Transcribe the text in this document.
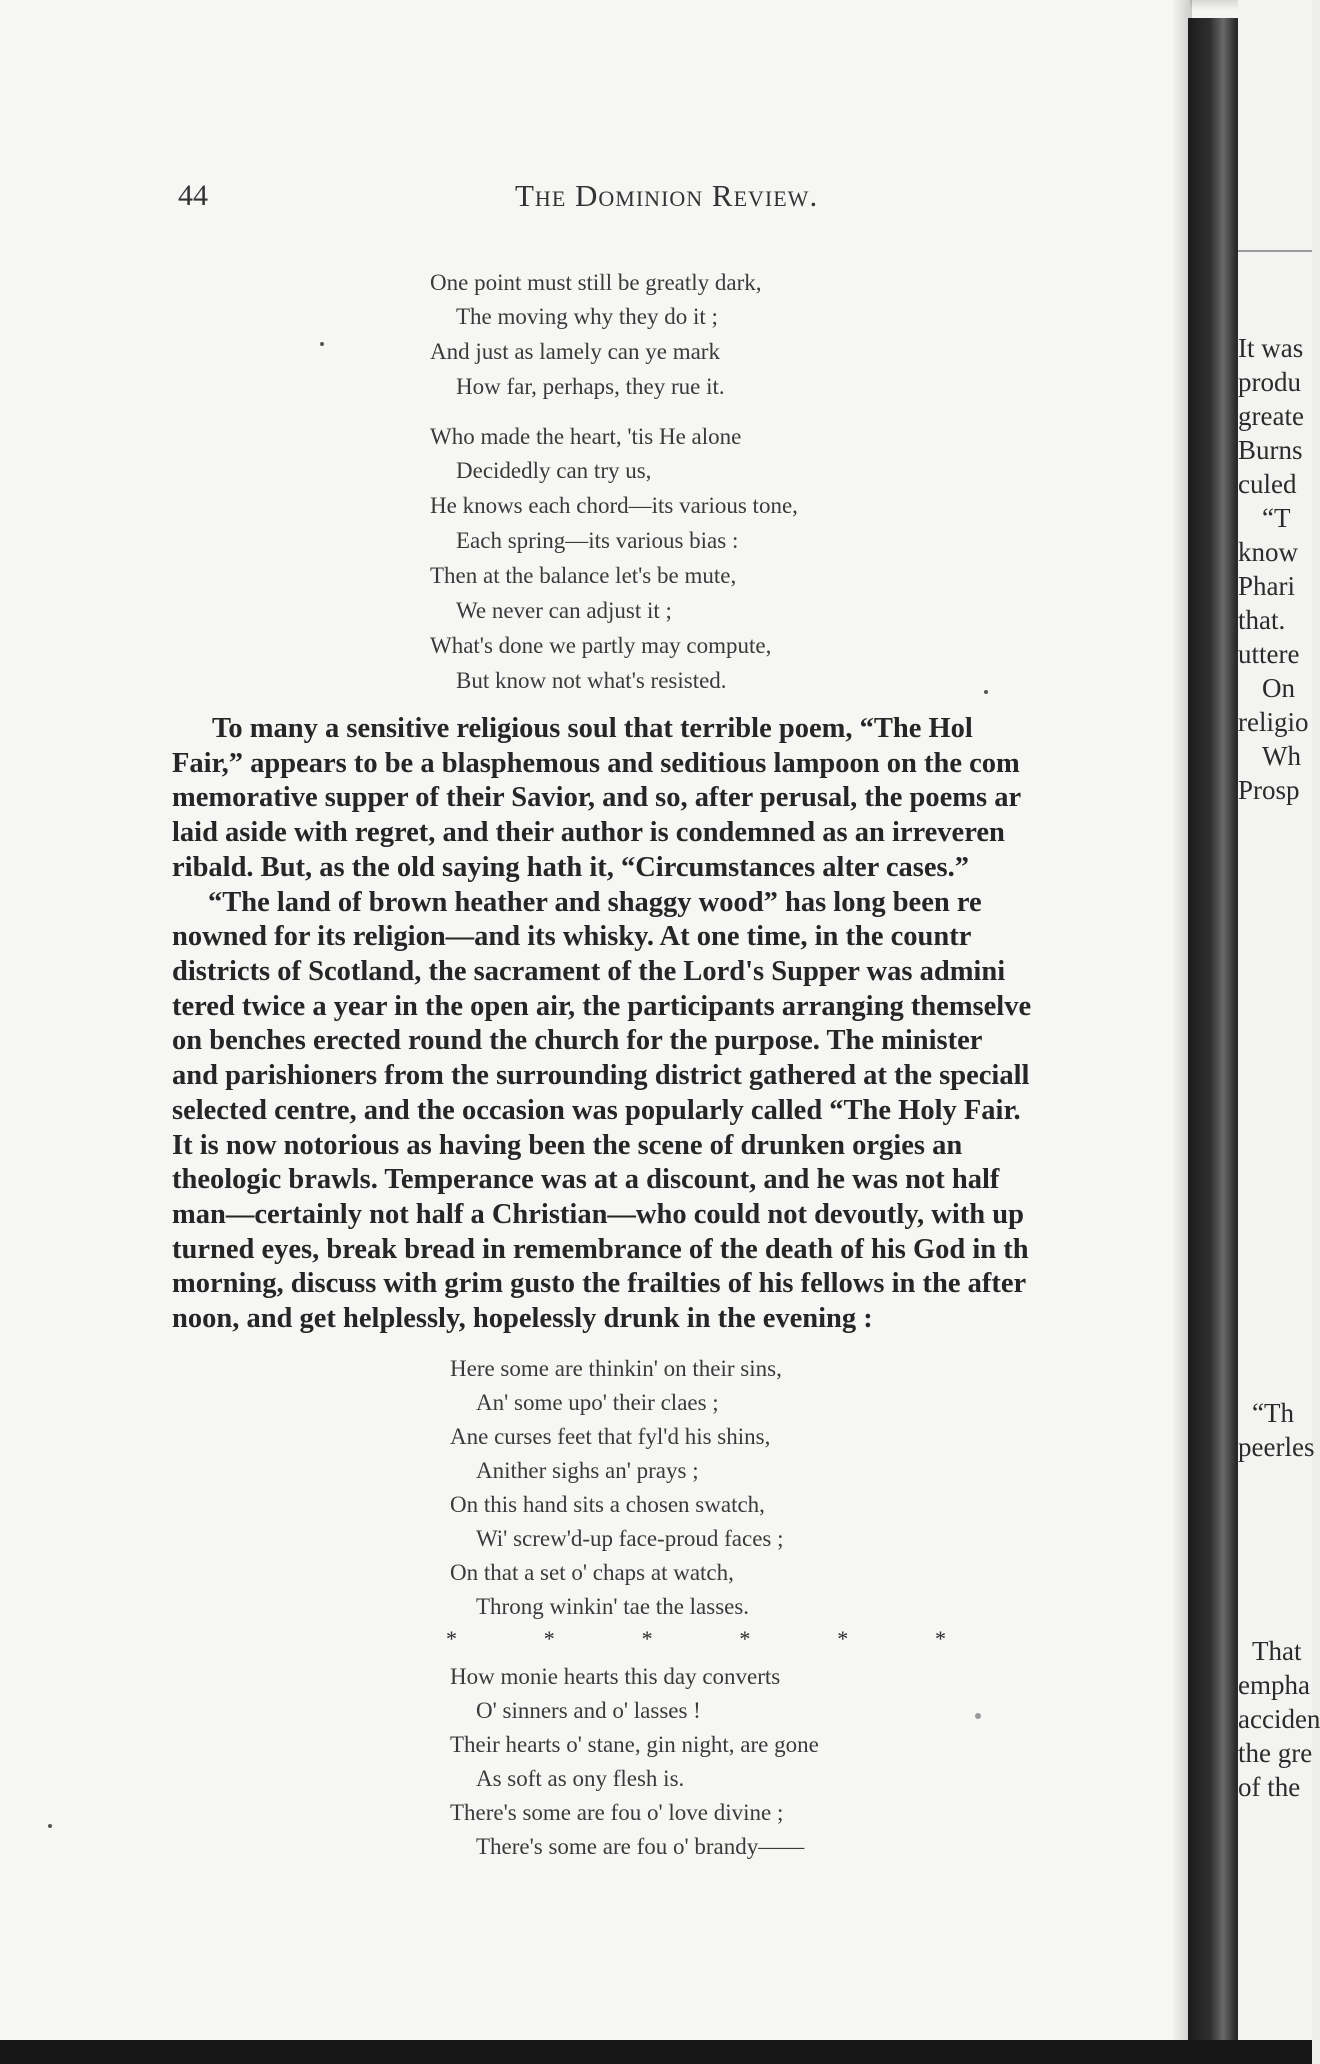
44	The Dominion Review.
One point must still be greatly dark,
The moving why they do it ;
And just as lamely can ye mark
How far, perhaps, they rue it.
Who made the heart, 'tis He alone
Decidedly can try us,
He knows each chord—its various tone,
Each spring—its various bias :
Then at the balance let's be mute,
We never can adjust it ;
What's done we partly may compute,
But know not what's resisted.
To many a sensitive religious soul that terrible poem, “The Hol
Fair,” appears to be a blasphemous and seditious lampoon on the com
memorative supper of their Savior, and so, after perusal, the poems ar
laid aside with regret, and their author is condemned as an irreveren
ribald. But, as the old saying hath it, “Circumstances alter cases.”
“The land of brown heather and shaggy wood” has long been re
nowned for its religion—and its whisky. At one time, in the countr
districts of Scotland, the sacrament of the Lord's Supper was admini
tered twice a year in the open air, the participants arranging themselve
on benches erected round the church for the purpose. The minister
and parishioners from the surrounding district gathered at the speciall
selected centre, and the occasion was popularly called “The Holy Fair.
It is now notorious as having been the scene of drunken orgies an
theologic brawls. Temperance was at a discount, and he was not half
man—certainly not half a Christian—who could not devoutly, with up
turned eyes, break bread in remembrance of the death of his God in th
morning, discuss with grim gusto the frailties of his fellows in the after
noon, and get helplessly, hopelessly drunk in the evening :
Here some are thinkin' on their sins,
An' some upo' their claes ;
Ane curses feet that fyl'd his shins,
Anither sighs an' prays ;
On this hand sits a chosen swatch,
Wi' screw'd-up face-proud faces ;
On that a set o' chaps at watch,
Throng winkin' tae the lasses.
*	*	*	*	*	*
How monie hearts this day converts
O' sinners and o' lasses !
Their hearts o' stane, gin night, are gone
As soft as ony flesh is.
There's some are fou o' love divine ;
There's some are fou o' brandy——
It was
produ
greate
Burns
culed
“T
know
Phari
that.
uttere
On
religio
Wh
Prosp
“Th
peerles
That
empha
acciden
the gre
of the
